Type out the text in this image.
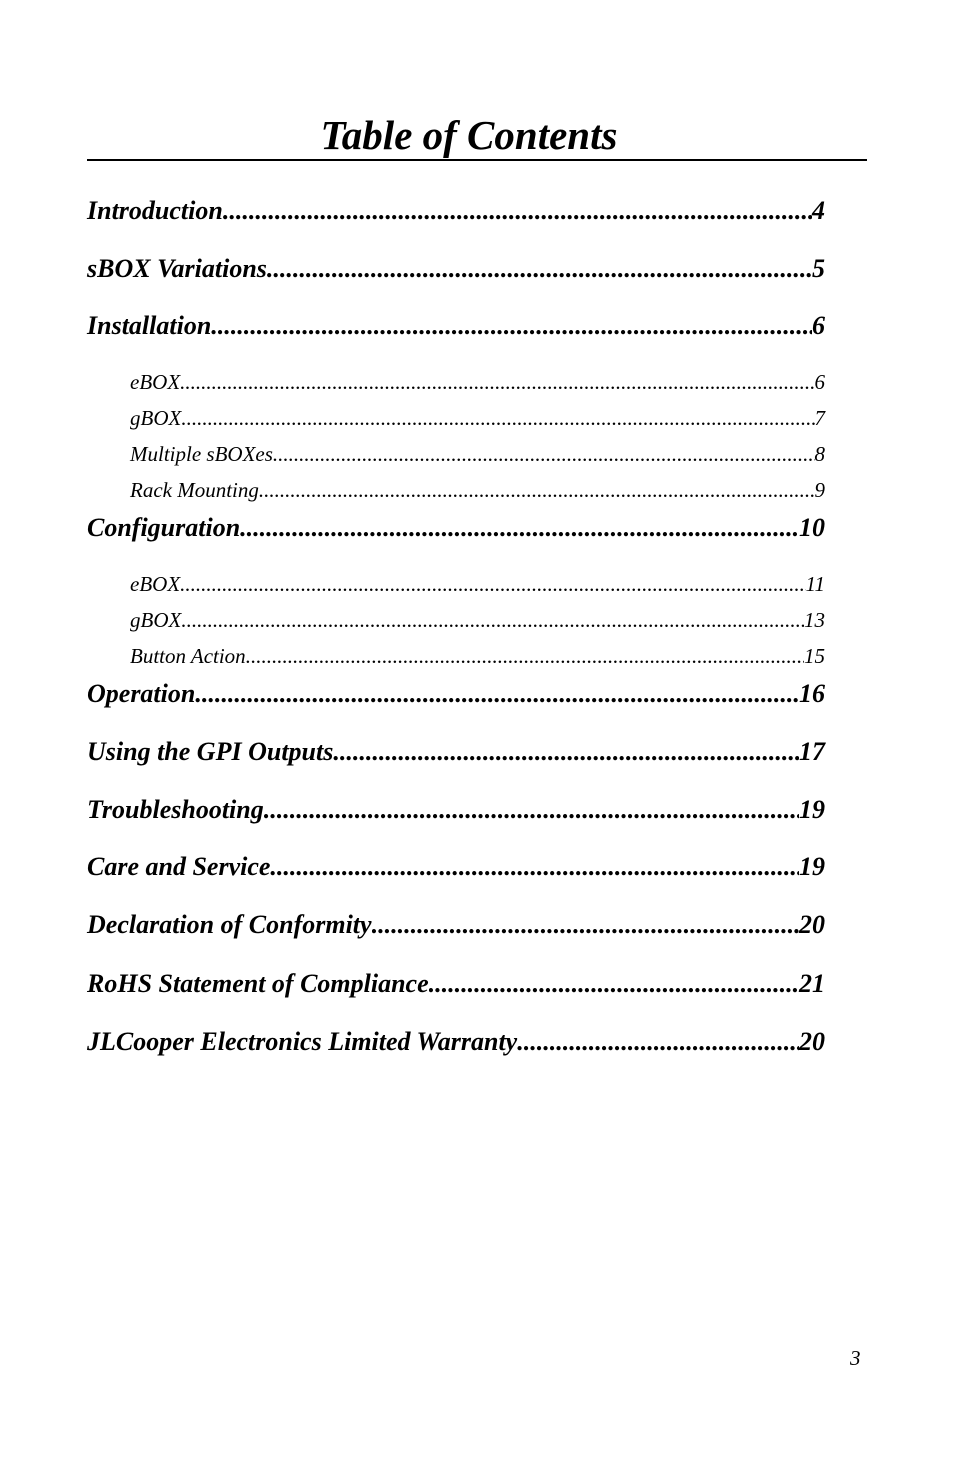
Table of Contents
Introduction .....	4
sBOX Variations .....	5
Installation .....	6
eBOX .....	6
gBOX .....	7
Multiple sBOXes .....	8
Rack Mounting .....	9
Configuration .....	10
eBOX .....	11
gBOX .....	13
Button Action .....	15
Operation .....	16
Using the GPI Outputs .....	17
Troubleshooting .....	19
Care and Service .....	19
Declaration of Conformity .....	20
RoHS Statement of Compliance .....	21
JLCooper Electronics Limited Warranty .....	20
3
